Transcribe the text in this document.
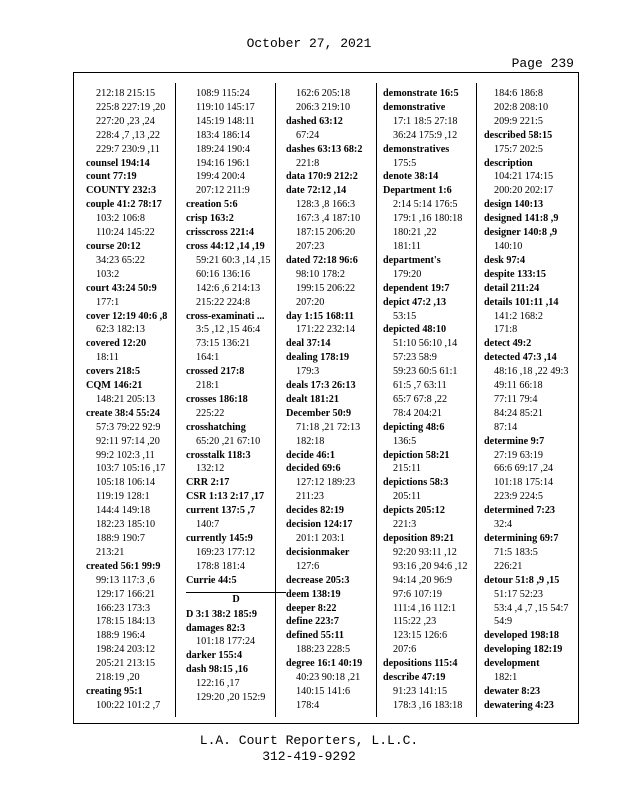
October 27, 2021
Page 239
212:18 215:15
225:8 227:19 ,20
227:20 ,23 ,24
228:4 ,7 ,13 ,22
229:7 230:9 ,11
counsel 194:14
count 77:19
COUNTY 232:3
couple 41:2 78:17
103:2 106:8
110:24 145:22
course 20:12
34:23 65:22
103:2
court 43:24 50:9
177:1
cover 12:19 40:6 ,8
62:3 182:13
covered 12:20
18:11
covers 218:5
CQM 146:21
148:21 205:13
create 38:4 55:24
57:3 79:22 92:9
92:11 97:14 ,20
99:2 102:3 ,11
103:7 105:16 ,17
105:18 106:14
119:19 128:1
144:4 149:18
182:23 185:10
188:9 190:7
213:21
created 56:1 99:9
99:13 117:3 ,6
129:17 166:21
166:23 173:3
178:15 184:13
188:9 196:4
198:24 203:12
205:21 213:15
218:19 ,20
creating 95:1
100:22 101:2 ,7
108:9 115:24
119:10 145:17
145:19 148:11
183:4 186:14
189:24 190:4
194:16 196:1
199:4 200:4
207:12 211:9
creation 5:6
crisp 163:2
crisscross 221:4
cross 44:12 ,14 ,19
59:21 60:3 ,14 ,15
60:16 136:16
142:6 ,6 214:13
215:22 224:8
cross-examinati ...
3:5 ,12 ,15 46:4
73:15 136:21
164:1
crossed 217:8
218:1
crosses 186:18
225:22
crosshatching
65:20 ,21 67:10
crosstalk 118:3
132:12
CRR 2:17
CSR 1:13 2:17 ,17
current 137:5 ,7
140:7
currently 145:9
169:23 177:12
178:8 181:4
Currie 44:5
D
D 3:1 38:2 185:9
damages 82:3
101:18 177:24
darker 155:4
dash 98:15 ,16
122:16 ,17
129:20 ,20 152:9
162:6 205:18
206:3 219:10
dashed 63:12
67:24
dashes 63:13 68:2
221:8
data 170:9 212:2
date 72:12 ,14
128:3 ,8 166:3
167:3 ,4 187:10
187:15 206:20
207:23
dated 72:18 96:6
98:10 178:2
199:15 206:22
207:20
day 1:15 168:11
171:22 232:14
deal 37:14
dealing 178:19
179:3
deals 17:3 26:13
dealt 181:21
December 50:9
71:18 ,21 72:13
182:18
decide 46:1
decided 69:6
127:12 189:23
211:23
decides 82:19
decision 124:17
201:1 203:1
decisionmaker
127:6
decrease 205:3
deem 138:19
deeper 8:22
define 223:7
defined 55:11
188:23 228:5
degree 16:1 40:19
40:23 90:18 ,21
140:15 141:6
178:4
demonstrate 16:5
demonstrative
17:1 18:5 27:18
36:24 175:9 ,12
demonstratives
175:5
denote 38:14
Department 1:6
2:14 5:14 176:5
179:1 ,16 180:18
180:21 ,22
181:11
department's
179:20
dependent 19:7
depict 47:2 ,13
53:15
depicted 48:10
51:10 56:10 ,14
57:23 58:9
59:23 60:5 61:1
61:5 ,7 63:11
65:7 67:8 ,22
78:4 204:21
depicting 48:6
136:5
depiction 58:21
215:11
depictions 58:3
205:11
depicts 205:12
221:3
deposition 89:21
92:20 93:11 ,12
93:16 ,20 94:6 ,12
94:14 ,20 96:9
97:6 107:19
111:4 ,16 112:1
115:22 ,23
123:15 126:6
207:6
depositions 115:4
describe 47:19
91:23 141:15
178:3 ,16 183:18
184:6 186:8
202:8 208:10
209:9 221:5
described 58:15
175:7 202:5
description
104:21 174:15
200:20 202:17
design 140:13
designed 141:8 ,9
designer 140:8 ,9
140:10
desk 97:4
despite 133:15
detail 211:24
details 101:11 ,14
141:2 168:2
171:8
detect 49:2
detected 47:3 ,14
48:16 ,18 ,22 49:3
49:11 66:18
77:11 79:4
84:24 85:21
87:14
determine 9:7
27:19 63:19
66:6 69:17 ,24
101:18 175:14
223:9 224:5
determined 7:23
32:4
determining 69:7
71:5 183:5
226:21
detour 51:8 ,9 ,15
51:17 52:23
53:4 ,4 ,7 ,15 54:7
54:9
developed 198:18
developing 182:19
development
182:1
dewater 8:23
dewatering 4:23
L.A. Court Reporters, L.L.C.
312-419-9292
